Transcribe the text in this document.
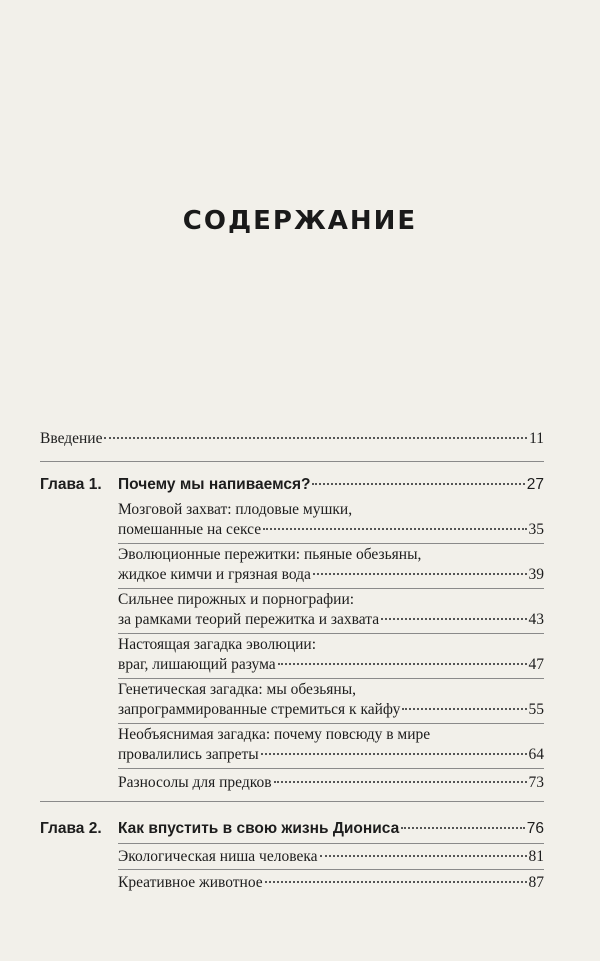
СОДЕРЖАНИЕ
Введение	11
Глава 1.	Почему мы напиваемся?	27
Мозговой захват: плодовые мушки,
помешанные на сексе	35
Эволюционные пережитки: пьяные обезьяны,
жидкое кимчи и грязная вода	39
Сильнее пирожных и порнографии:
за рамками теорий пережитка и захвата	43
Настоящая загадка эволюции:
враг, лишающий разума	47
Генетическая загадка: мы обезьяны,
запрограммированные стремиться к кайфу	55
Необъяснимая загадка: почему повсюду в мире
провалились запреты	64
Разносолы для предков	73
Глава 2.	Как впустить в свою жизнь Диониса	76
Экологическая ниша человека	81
Креативное животное	87
